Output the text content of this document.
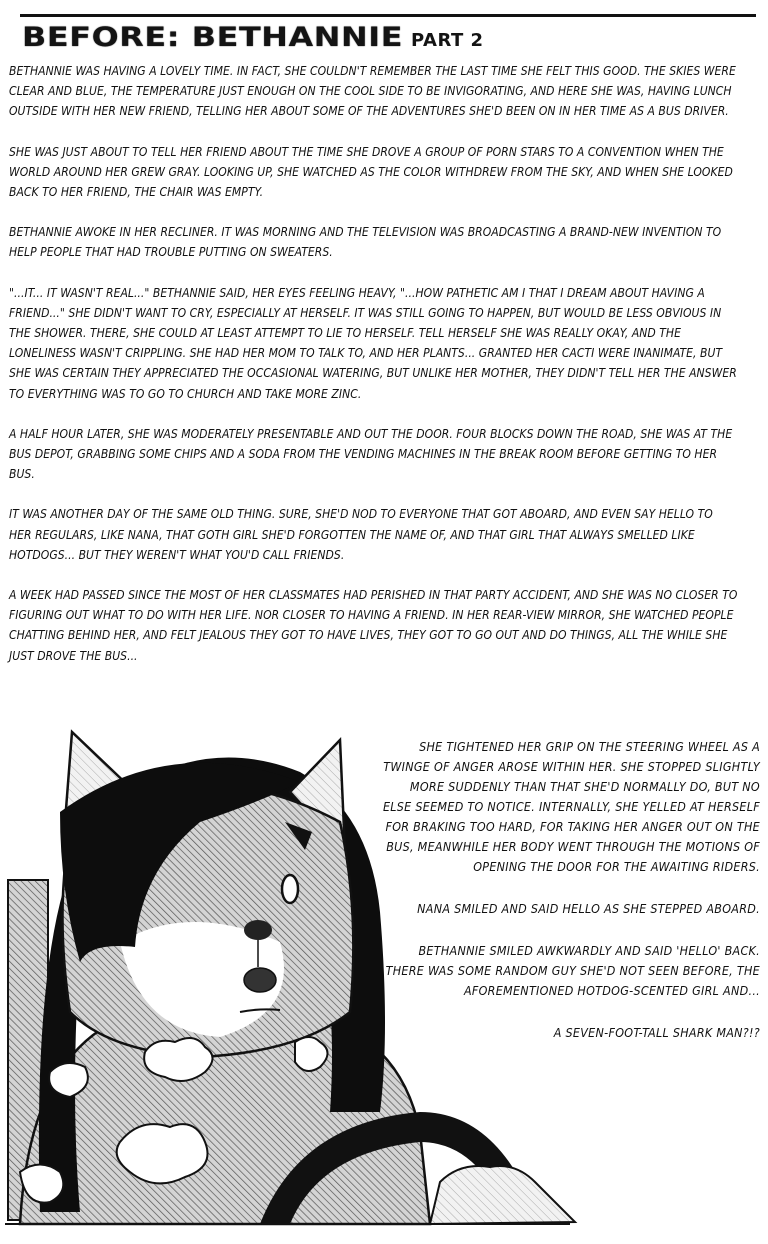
BEFORE: BETHANNIE PART 2

BETHANNIE WAS HAVING A LOVELY TIME. IN FACT, SHE COULDN'T REMEMBER THE LAST TIME SHE FELT THIS GOOD. THE SKIES WERE CLEAR AND BLUE, THE TEMPERATURE JUST ENOUGH ON THE COOL SIDE TO BE INVIGORATING, AND HERE SHE WAS, HAVING LUNCH OUTSIDE WITH HER NEW FRIEND, TELLING HER ABOUT SOME OF THE ADVENTURES SHE'D BEEN ON IN HER TIME AS A BUS DRIVER.

SHE WAS JUST ABOUT TO TELL HER FRIEND ABOUT THE TIME SHE DROVE A GROUP OF PORN STARS TO A CONVENTION WHEN THE WORLD AROUND HER GREW GRAY. LOOKING UP, SHE WATCHED AS THE COLOR WITHDREW FROM THE SKY, AND WHEN SHE LOOKED BACK TO HER FRIEND, THE CHAIR WAS EMPTY.

BETHANNIE AWOKE IN HER RECLINER. IT WAS MORNING AND THE TELEVISION WAS BROADCASTING A BRAND-NEW INVENTION TO HELP PEOPLE THAT HAD TROUBLE PUTTING ON SWEATERS.

"...IT... IT WASN'T REAL..." BETHANNIE SAID, HER EYES FEELING HEAVY, "...HOW PATHETIC AM I THAT I DREAM ABOUT HAVING A FRIEND..." SHE DIDN'T WANT TO CRY, ESPECIALLY AT HERSELF. IT WAS STILL GOING TO HAPPEN, BUT WOULD BE LESS OBVIOUS IN THE SHOWER. THERE, SHE COULD AT LEAST ATTEMPT TO LIE TO HERSELF. TELL HERSELF SHE WAS REALLY OKAY, AND THE LONELINESS WASN'T CRIPPLING. SHE HAD HER MOM TO TALK TO, AND HER PLANTS... GRANTED HER CACTI WERE INANIMATE, BUT SHE WAS CERTAIN THEY APPRECIATED THE OCCASIONAL WATERING, BUT UNLIKE HER MOTHER, THEY DIDN'T TELL HER THE ANSWER TO EVERYTHING WAS TO GO TO CHURCH AND TAKE MORE ZINC.

A HALF HOUR LATER, SHE WAS MODERATELY PRESENTABLE AND OUT THE DOOR. FOUR BLOCKS DOWN THE ROAD, SHE WAS AT THE BUS DEPOT, GRABBING SOME CHIPS AND A SODA FROM THE VENDING MACHINES IN THE BREAK ROOM BEFORE GETTING TO HER BUS.

IT WAS ANOTHER DAY OF THE SAME OLD THING. SURE, SHE'D NOD TO EVERYONE THAT GOT ABOARD, AND EVEN SAY HELLO TO HER REGULARS, LIKE NANA, THAT GOTH GIRL SHE'D FORGOTTEN THE NAME OF, AND THAT GIRL THAT ALWAYS SMELLED LIKE HOTDOGS... BUT THEY WEREN'T WHAT YOU'D CALL FRIENDS.

A WEEK HAD PASSED SINCE THE MOST OF HER CLASSMATES HAD PERISHED IN THAT PARTY ACCIDENT, AND SHE WAS NO CLOSER TO FIGURING OUT WHAT TO DO WITH HER LIFE. NOR CLOSER TO HAVING A FRIEND. IN HER REAR-VIEW MIRROR, SHE WATCHED PEOPLE CHATTING BEHIND HER, AND FELT JEALOUS THEY GOT TO HAVE LIVES, THEY GOT TO GO OUT AND DO THINGS, ALL THE WHILE SHE JUST DROVE THE BUS...

SHE TIGHTENED HER GRIP ON THE STEERING WHEEL AS A TWINGE OF ANGER AROSE WITHIN HER. SHE STOPPED SLIGHTLY MORE SUDDENLY THAN THAT SHE'D NORMALLY DO, BUT NO ELSE SEEMED TO NOTICE. INTERNALLY, SHE YELLED AT HERSELF FOR BRAKING TOO HARD, FOR TAKING HER ANGER OUT ON THE BUS, MEANWHILE HER BODY WENT THROUGH THE MOTIONS OF OPENING THE DOOR FOR THE AWAITING RIDERS.

NANA SMILED AND SAID HELLO AS SHE STEPPED ABOARD.

BETHANNIE SMILED AWKWARDLY AND SAID 'HELLO' BACK. THERE WAS SOME RANDOM GUY SHE'D NOT SEEN BEFORE, THE AFOREMENTIONED HOTDOG-SCENTED GIRL AND...

A SEVEN-FOOT-TALL SHARK MAN?!?
